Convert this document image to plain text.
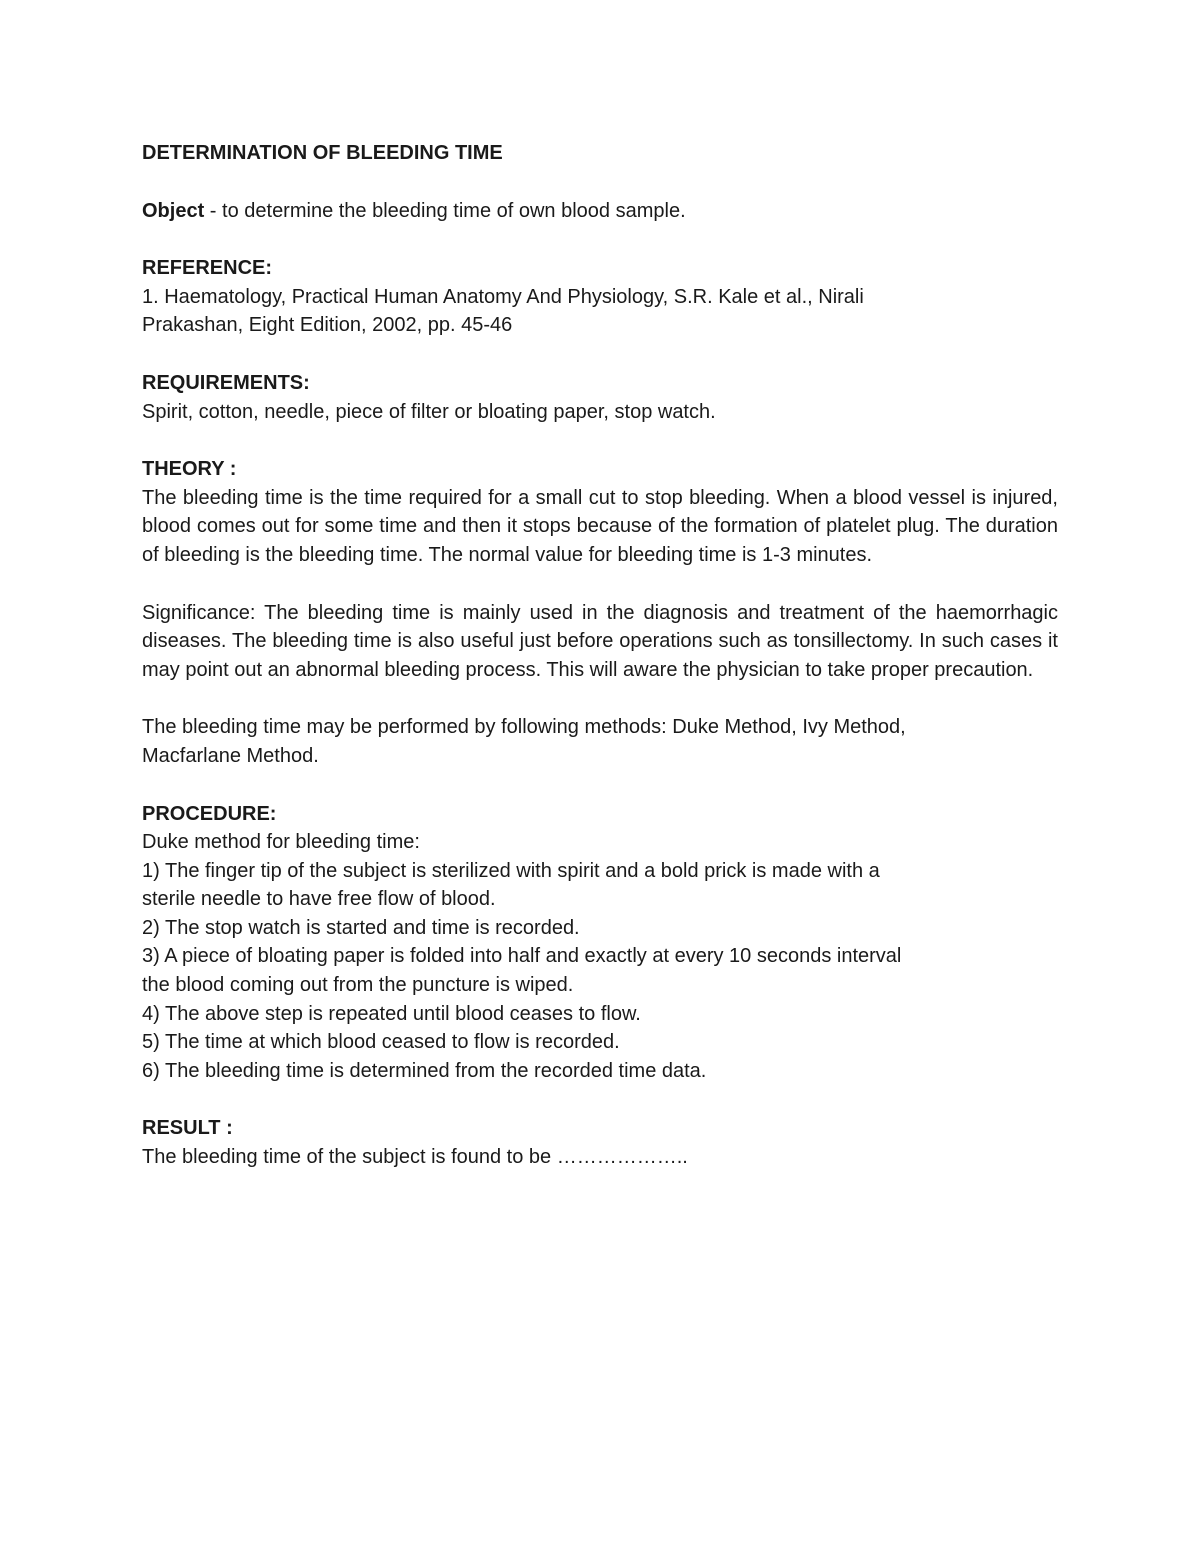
DETERMINATION OF BLEEDING TIME
Object - to determine the bleeding time of own blood sample.
REFERENCE:
1. Haematology, Practical Human Anatomy And Physiology, S.R. Kale et al., Nirali
Prakashan, Eight Edition, 2002, pp. 45-46
REQUIREMENTS:
Spirit, cotton, needle, piece of filter or bloating paper, stop watch.
THEORY :
The bleeding time is the time required for a small cut to stop bleeding. When a blood vessel is injured, blood comes out for some time and then it stops because of the formation of platelet plug. The duration of bleeding is the bleeding time. The normal value for bleeding time is 1-3 minutes.
Significance: The bleeding time is mainly used in the diagnosis and treatment of the haemorrhagic diseases. The bleeding time is also useful just before operations such as tonsillectomy. In such cases it may point out an abnormal bleeding process. This will aware the physician to take proper precaution.
The bleeding time may be performed by following methods: Duke Method, Ivy Method,
Macfarlane Method.
PROCEDURE:
Duke method for bleeding time:
1) The finger tip of the subject is sterilized with spirit and a bold prick is made with a
sterile needle to have free flow of blood.
2) The stop watch is started and time is recorded.
3) A piece of bloating paper is folded into half and exactly at every 10 seconds interval
the blood coming out from the puncture is wiped.
4) The above step is repeated until blood ceases to flow.
5) The time at which blood ceased to flow is recorded.
6) The bleeding time is determined from the recorded time data.
RESULT :
The bleeding time of the subject is found to be ………………..
